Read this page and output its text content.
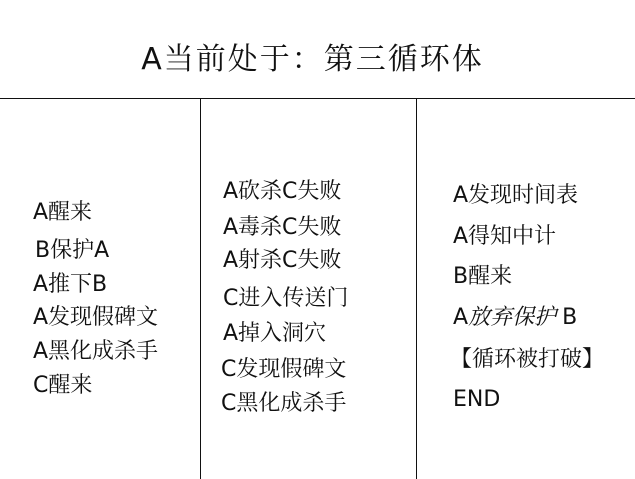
A当前处于：第三循环体
A醒来
B保护A
A推下B
A发现假碑文
A黑化成杀手
C醒来
A砍杀C失败
A毒杀C失败
A射杀C失败
C进入传送门
A掉入洞穴
C发现假碑文
C黑化成杀手
A发现时间表
A得知中计
B醒来
A放弃保护 B
【循环被打破】
END
